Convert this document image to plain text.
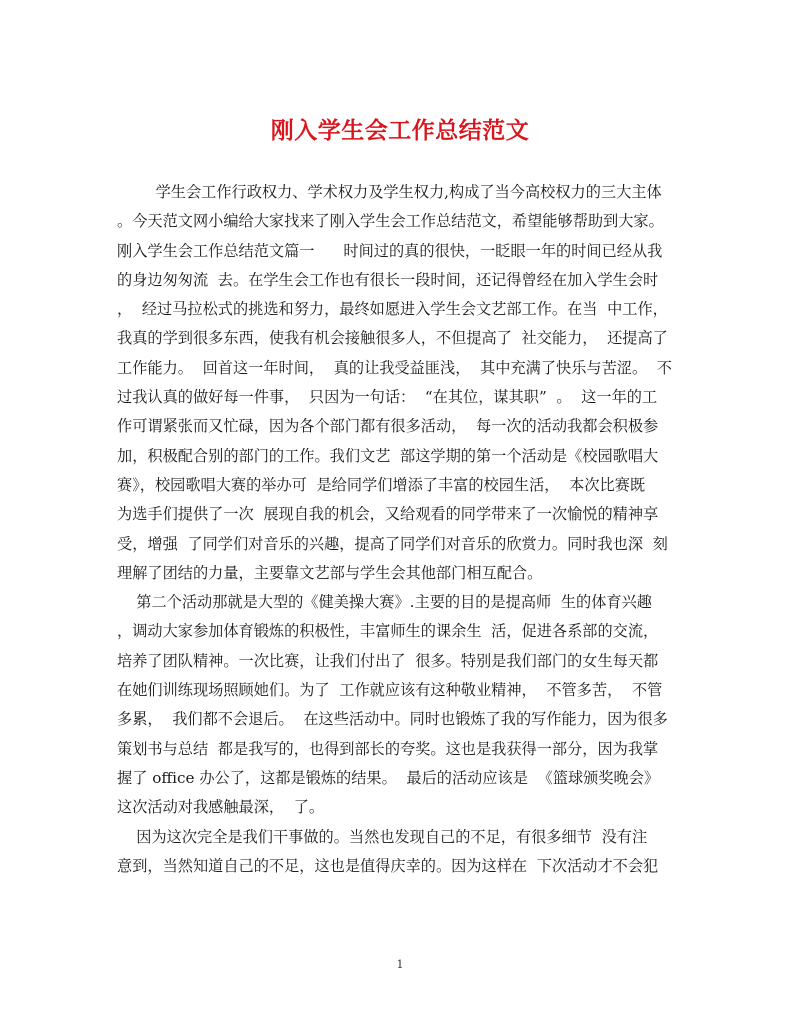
刚入学生会工作总结范文
学生会工作行政权力、学术权力及学生权力,构成了当今高校权力的三大主体
。今天范文网小编给大家找来了刚入学生会工作总结范文，希望能够帮助到大家。
刚入学生会工作总结范文篇一      时间过的真的很快，一眨眼一年的时间已经从我
的身边匆匆流  去。在学生会工作也有很长一段时间，还记得曾经在加入学生会时
，  经过马拉松式的挑选和努力，最终如愿进入学生会文艺部工作。在当  中工作，
我真的学到很多东西，使我有机会接触很多人，不但提高了  社交能力，  还提高了
工作能力。  回首这一年时间，  真的让我受益匪浅，  其中充满了快乐与苦涩。  不
过我认真的做好每一件事，  只因为一句话：  “在其位，谋其职”  。  这一年的工
作可谓紧张而又忙碌，因为各个部门都有很多活动，  每一次的活动我都会积极参
加，积极配合别的部门的工作。我们文艺  部这学期的第一个活动是《校园歌唱大
赛》，校园歌唱大赛的举办可  是给同学们增添了丰富的校园生活，  本次比赛既
为选手们提供了一次  展现自我的机会，又给观看的同学带来了一次愉悦的精神享
受，增强  了同学们对音乐的兴趣，提高了同学们对音乐的欣赏力。同时我也深  刻
理解了团结的力量，主要靠文艺部与学生会其他部门相互配合。
第二个活动那就是大型的《健美操大赛》.主要的目的是提高师  生的体育兴趣
，调动大家参加体育锻炼的积极性，丰富师生的课余生  活，促进各系部的交流，
培养了团队精神。一次比赛，让我们付出了  很多。特别是我们部门的女生每天都
在她们训练现场照顾她们。为了  工作就应该有这种敬业精神，  不管多苦，  不管
多累，  我们都不会退后。  在这些活动中。同时也锻炼了我的写作能力，因为很多
策划书与总结  都是我写的，也得到部长的夸奖。这也是我获得一部分，因为我掌
握了 office 办公了，这都是锻炼的结果。  最后的活动应该是  《篮球颁奖晚会》
这次活动对我感触最深，  了。
因为这次完全是我们干事做的。当然也发现自己的不足，有很多细节  没有注
意到，当然知道自己的不足，这也是值得庆幸的。因为这样在  下次活动才不会犯
1
